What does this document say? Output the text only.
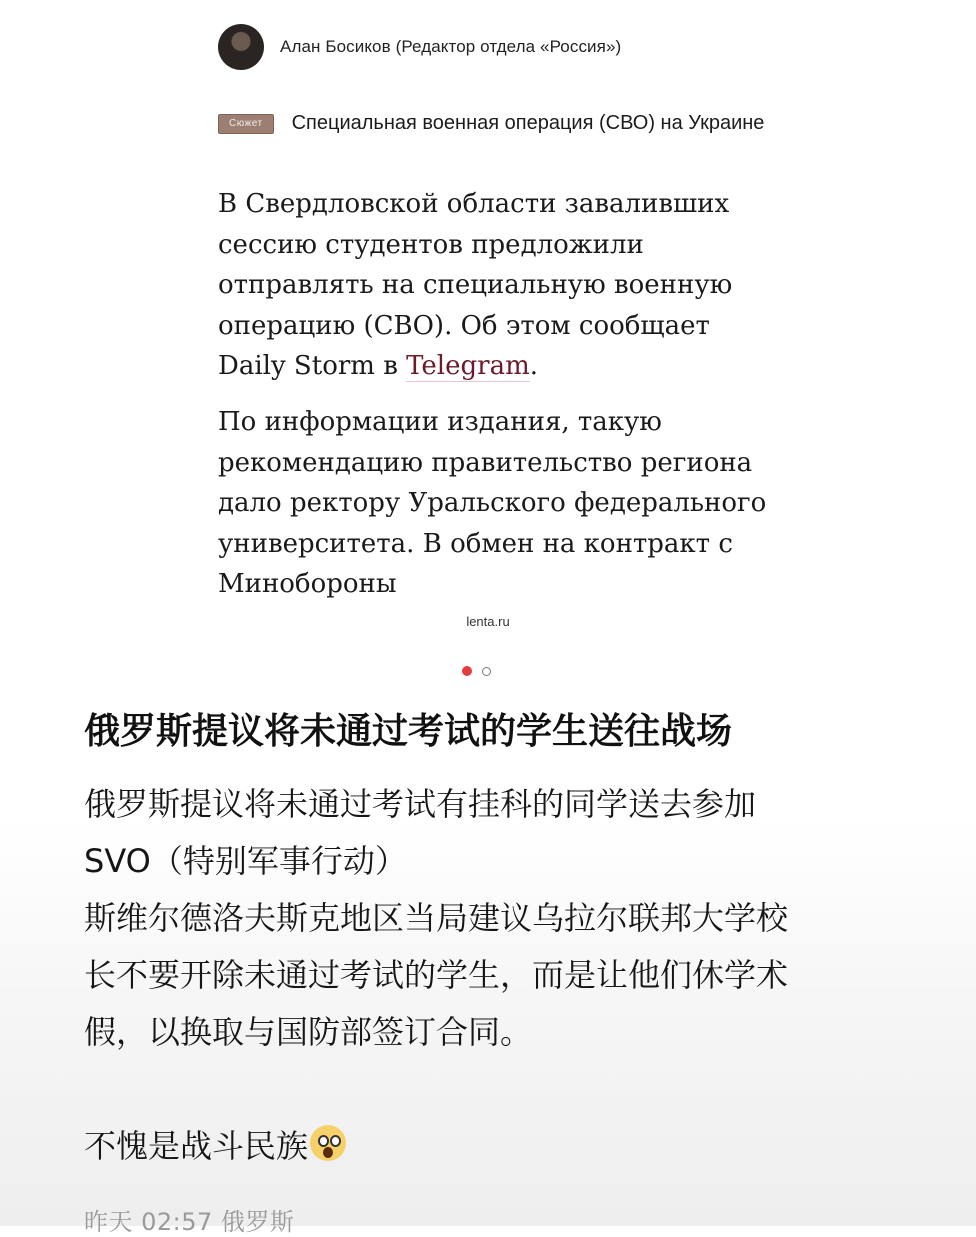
Алан Босиков (Редактор отдела «Россия»)
Сюжет Специальная военная операция (СВО) на Украине
В Свердловской области заваливших сессию студентов предложили отправлять на специальную военную операцию (СВО). Об этом сообщает Daily Storm в Telegram.
По информации издания, такую рекомендацию правительство региона дало ректору Уральского федерального университета. В обмен на контракт с Минобороны
lenta.ru
俄罗斯提议将未通过考试的学生送往战场
俄罗斯提议将未通过考试有挂科的同学送去参加
SVO（特别军事行动）
斯维尔德洛夫斯克地区当局建议乌拉尔联邦大学校
长不要开除未通过考试的学生，而是让他们休学术
假，以换取与国防部签订合同。
不愧是战斗民族
昨天 02:57 俄罗斯
